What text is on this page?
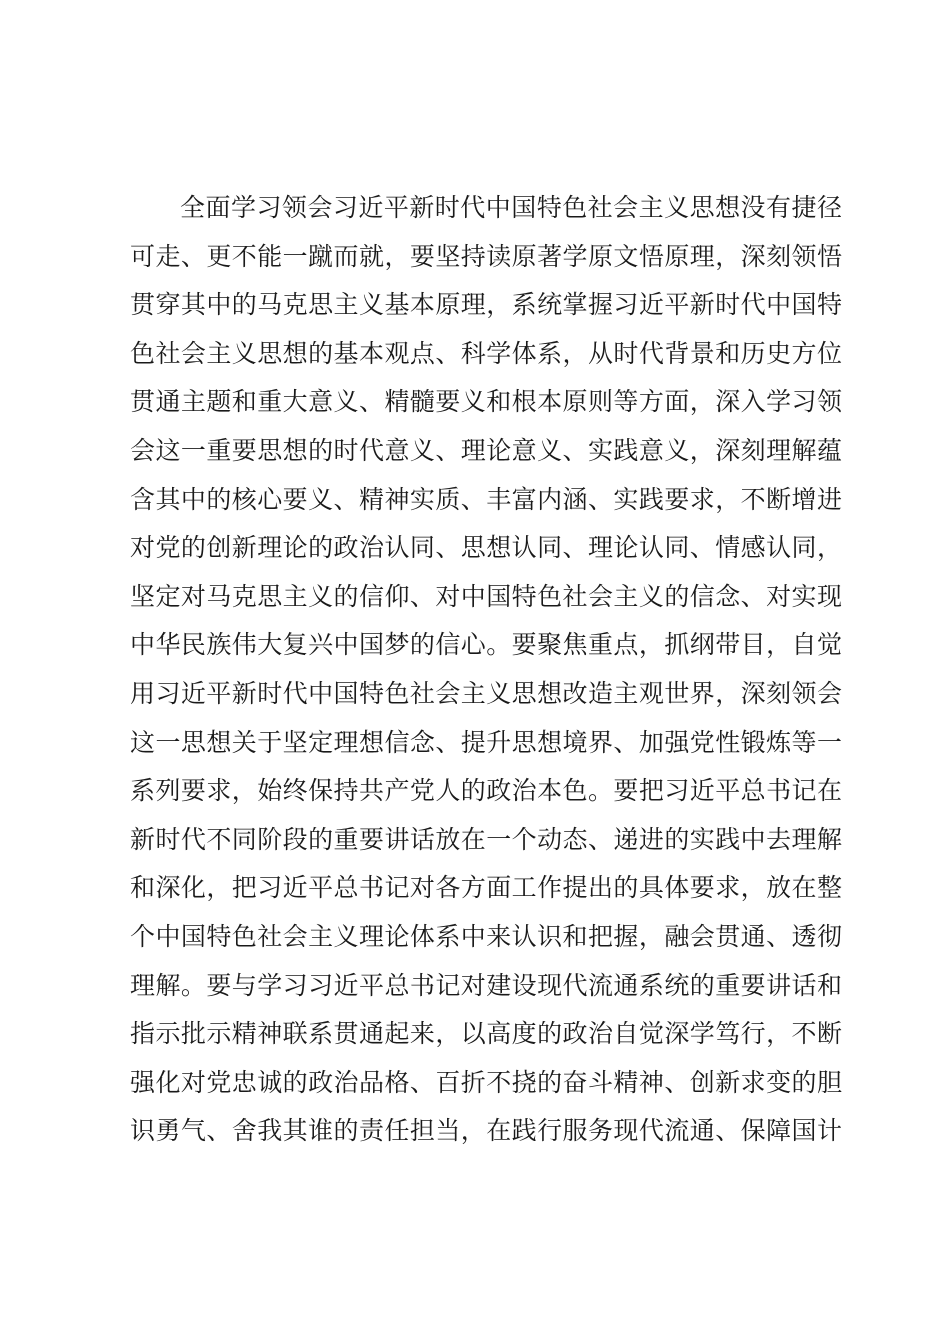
全面学习领会习近平新时代中国特色社会主义思想没有捷径
可走、更不能一蹴而就，要坚持读原著学原文悟原理，深刻领悟
贯穿其中的马克思主义基本原理，系统掌握习近平新时代中国特
色社会主义思想的基本观点、科学体系，从时代背景和历史方位
贯通主题和重大意义、精髓要义和根本原则等方面，深入学习领
会这一重要思想的时代意义、理论意义、实践意义，深刻理解蕴
含其中的核心要义、精神实质、丰富内涵、实践要求，不断增进
对党的创新理论的政治认同、思想认同、理论认同、情感认同，
坚定对马克思主义的信仰、对中国特色社会主义的信念、对实现
中华民族伟大复兴中国梦的信心。要聚焦重点，抓纲带目，自觉
用习近平新时代中国特色社会主义思想改造主观世界，深刻领会
这一思想关于坚定理想信念、提升思想境界、加强党性锻炼等一
系列要求，始终保持共产党人的政治本色。要把习近平总书记在
新时代不同阶段的重要讲话放在一个动态、递进的实践中去理解
和深化，把习近平总书记对各方面工作提出的具体要求，放在整
个中国特色社会主义理论体系中来认识和把握，融会贯通、透彻
理解。要与学习习近平总书记对建设现代流通系统的重要讲话和
指示批示精神联系贯通起来，以高度的政治自觉深学笃行，不断
强化对党忠诚的政治品格、百折不挠的奋斗精神、创新求变的胆
识勇气、舍我其谁的责任担当，在践行服务现代流通、保障国计
